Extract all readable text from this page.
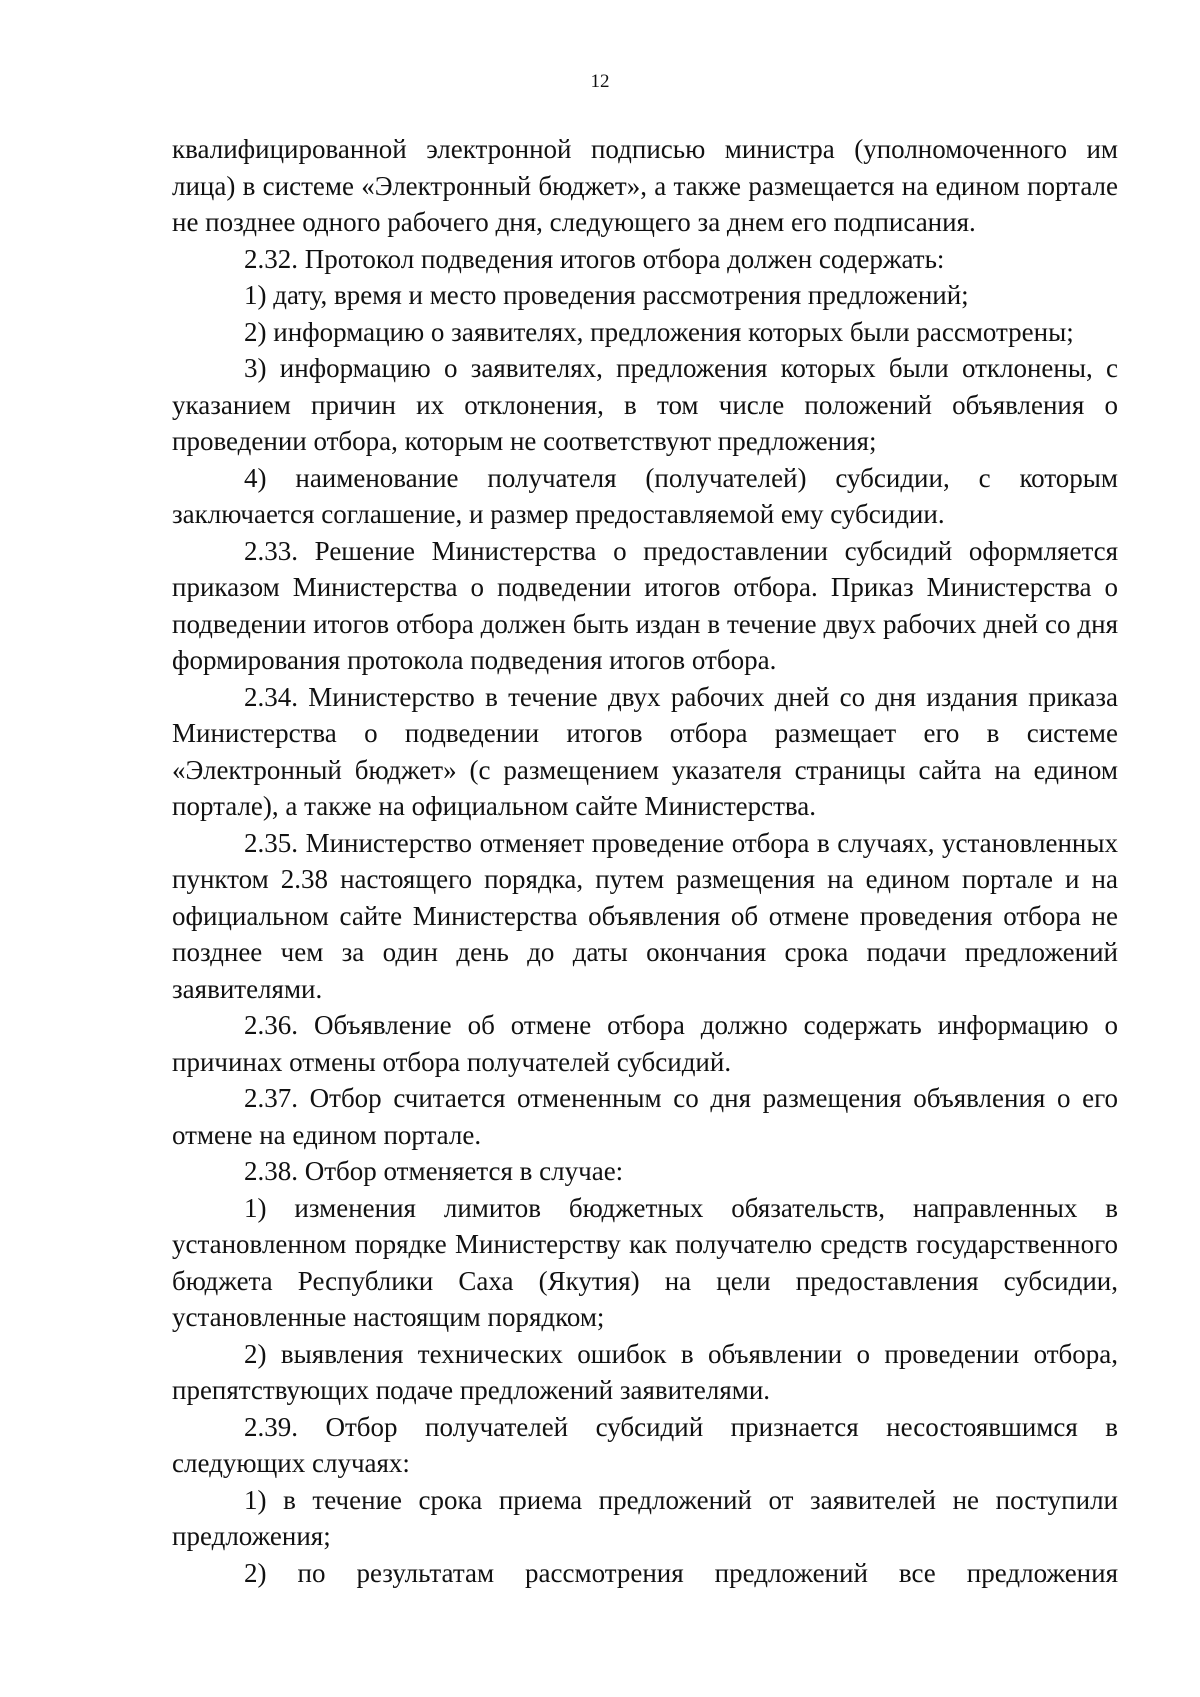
12

квалифицированной электронной подписью министра (уполномоченного им лица) в системе «Электронный бюджет», а также размещается на едином портале не позднее одного рабочего дня, следующего за днем его подписания.

2.32. Протокол подведения итогов отбора должен содержать:

1) дату, время и место проведения рассмотрения предложений;

2) информацию о заявителях, предложения которых были рассмотрены;

3) информацию о заявителях, предложения которых были отклонены, с указанием причин их отклонения, в том числе положений объявления о проведении отбора, которым не соответствуют предложения;

4) наименование получателя (получателей) субсидии, с которым заключается соглашение, и размер предоставляемой ему субсидии.

2.33. Решение Министерства о предоставлении субсидий оформляется приказом Министерства о подведении итогов отбора. Приказ Министерства о подведении итогов отбора должен быть издан в течение двух рабочих дней со дня формирования протокола подведения итогов отбора.

2.34. Министерство в течение двух рабочих дней со дня издания приказа Министерства о подведении итогов отбора размещает его в системе «Электронный бюджет» (с размещением указателя страницы сайта на едином портале), а также на официальном сайте Министерства.

2.35. Министерство отменяет проведение отбора в случаях, установленных пунктом 2.38 настоящего порядка, путем размещения на едином портале и на официальном сайте Министерства объявления об отмене проведения отбора не позднее чем за один день до даты окончания срока подачи предложений заявителями.

2.36. Объявление об отмене отбора должно содержать информацию о причинах отмены отбора получателей субсидий.

2.37. Отбор считается отмененным со дня размещения объявления о его отмене на едином портале.

2.38. Отбор отменяется в случае:

1) изменения лимитов бюджетных обязательств, направленных в установленном порядке Министерству как получателю средств государственного бюджета Республики Саха (Якутия) на цели предоставления субсидии, установленные настоящим порядком;

2) выявления технических ошибок в объявлении о проведении отбора, препятствующих подаче предложений заявителями.

2.39. Отбор получателей субсидий признается несостоявшимся в следующих случаях:

1) в течение срока приема предложений от заявителей не поступили предложения;

2) по результатам рассмотрения предложений все предложения
